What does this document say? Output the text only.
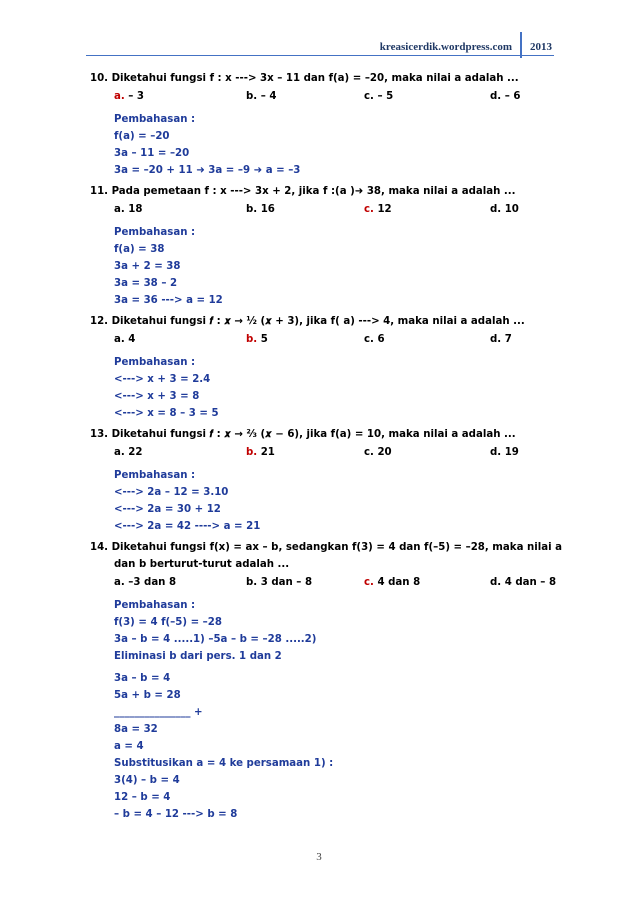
kreasicerdik.wordpress.com	2013
10. Diketahui fungsi f : x ---> 3x – 11 dan f(a) = –20, maka nilai a adalah ...
a. – 3	b. – 4	c. – 5	d. – 6
Pembahasan :
f(a) = –20
3a – 11 = –20
3a = –20 + 11 ➜ 3a = –9 ➜ a = –3
11. Pada pemetaan f : x ---> 3x + 2, jika f :(a )➜ 38, maka nilai a adalah ...
a. 18	b. 16	c. 12	d. 10
Pembahasan :
f(a) = 38
3a + 2 = 38
3a = 38 – 2
3a = 36 ---> a = 12
12. Diketahui fungsi 𝒇 : 𝒙 → ½ (𝒙 + 3), jika f( a) ---> 4, maka nilai a adalah ...
a. 4	b. 5	c. 6	d. 7
Pembahasan :
<---> x + 3 = 2.4
<---> x + 3 = 8
<---> x = 8 – 3 = 5
13. Diketahui fungsi 𝒇 : 𝒙 → ⅔ (𝒙 − 6), jika f(a) = 10, maka nilai a adalah ...
a. 22	b. 21	c. 20	d. 19
Pembahasan :
<---> 2a – 12 = 3.10
<---> 2a = 30 + 12
<---> 2a = 42 ----> a = 21
14. Diketahui fungsi f(x) = ax – b, sedangkan f(3) = 4 dan f(–5) = –28, maka nilai a
dan b berturut-turut adalah ...
a. –3 dan 8	b. 3 dan – 8	c. 4 dan 8	d. 4 dan – 8
Pembahasan :
f(3) = 4 f(–5) = –28
3a – b = 4 .....1) –5a – b = –28 .....2)
Eliminasi b dari pers. 1 dan 2
3a – b = 4
5a + b = 28
_______________ +
8a = 32
a = 4
Substitusikan a = 4 ke persamaan 1) :
3(4) – b = 4
12 – b = 4
– b = 4 – 12 ---> b = 8
3
